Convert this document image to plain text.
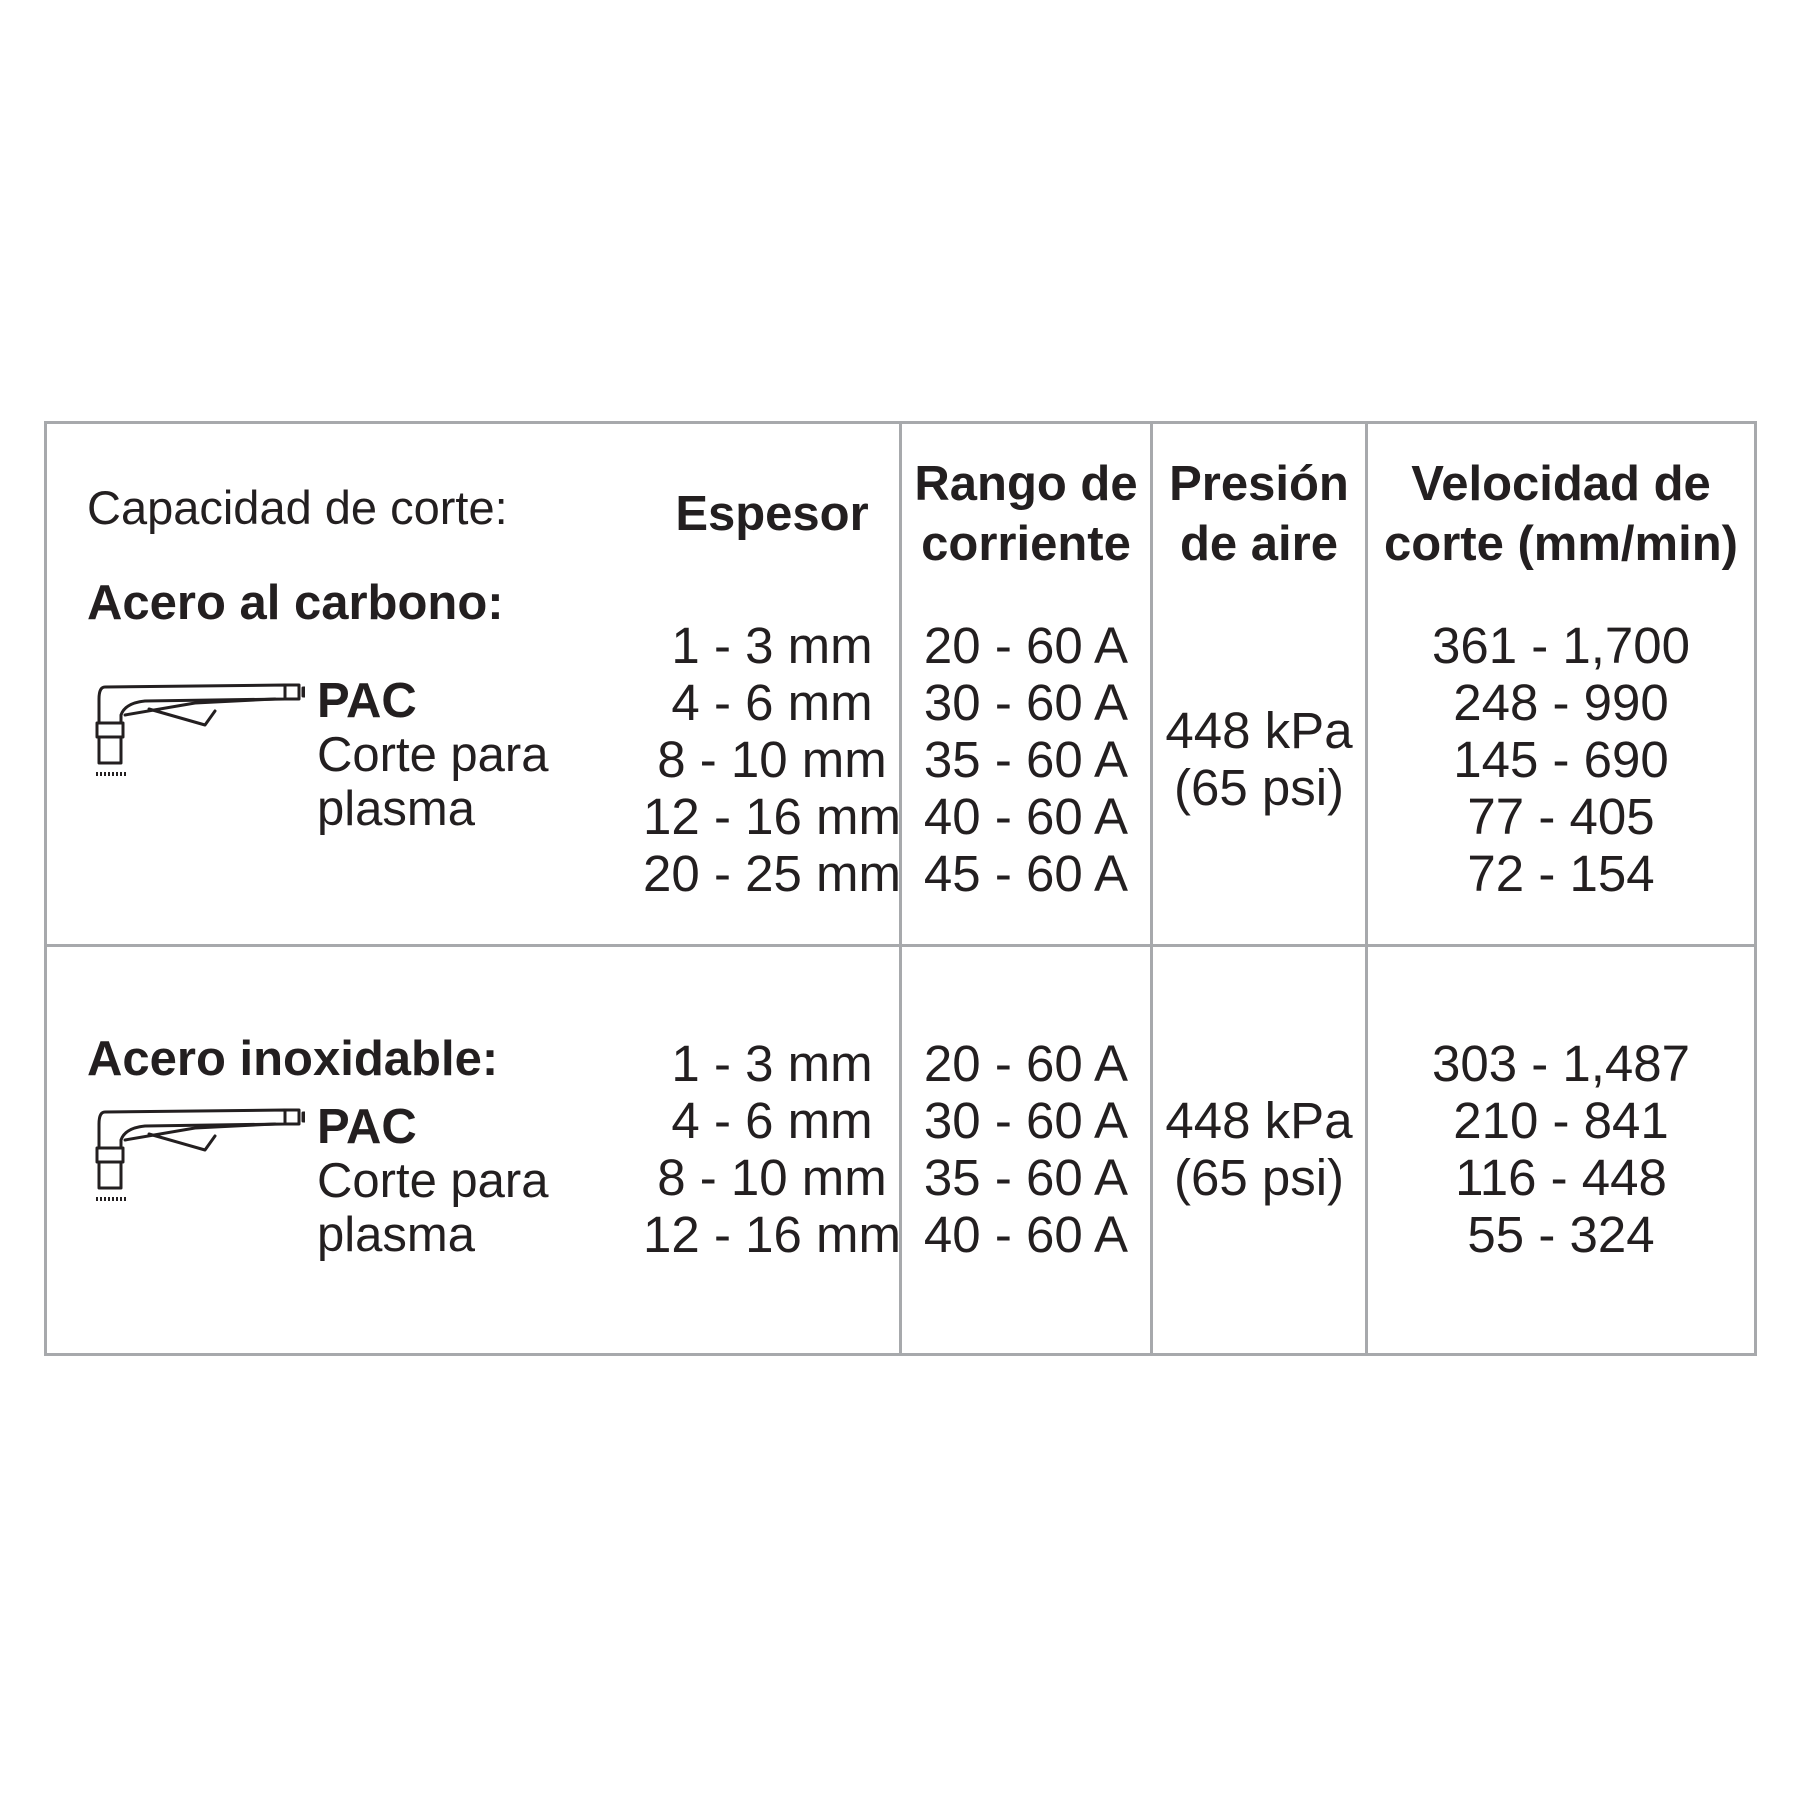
Capacidad de corte:	Espesor
Rango de
corriente
Presión
de aire
Velocidad de
corte (mm/min)
Acero al carbono:
PAC
Corte para plasma
1 - 3 mm
4 - 6 mm
8 - 10 mm
12 - 16 mm
20 - 25 mm
20 - 60 A
30 - 60 A
35 - 60 A
40 - 60 A
45 - 60 A
448 kPa
(65 psi)
361 - 1,700
248 - 990
145 - 690
77 - 405
72 - 154
Acero inoxidable:
PAC
Corte para plasma
1 - 3 mm
4 - 6 mm
8 - 10 mm
12 - 16 mm
20 - 60 A
30 - 60 A
35 - 60 A
40 - 60 A
448 kPa
(65 psi)
303 - 1,487
210 - 841
116 - 448
55 - 324
